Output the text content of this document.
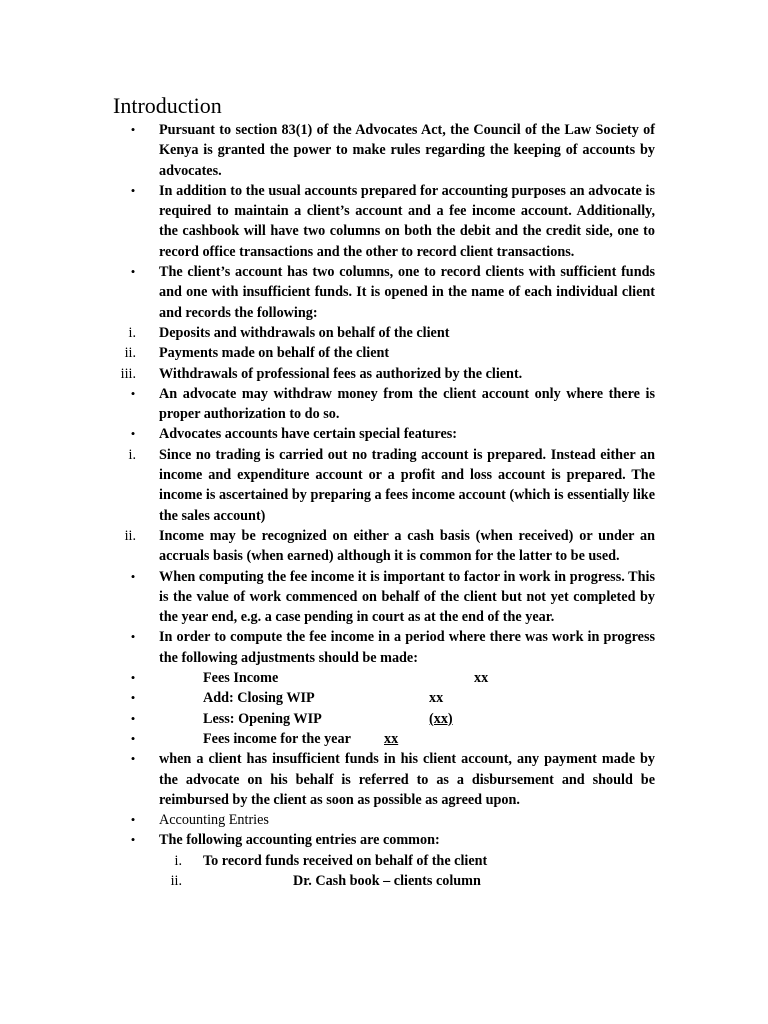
Introduction
•	Pursuant to section 83(1) of the Advocates Act, the Council of the Law Society of Kenya is granted the power to make rules regarding the keeping of accounts by advocates.
•	In addition to the usual accounts prepared for accounting purposes an advocate is required to maintain a client’s account and a fee income account. Additionally, the cashbook will have two columns on both the debit and the credit side, one to record office transactions and the other to record client transactions.
•	The client’s account has two columns, one to record clients with sufficient funds and one with insufficient funds. It is opened in the name of each individual client and records the following:
i. Deposits and withdrawals on behalf of the client
ii. Payments made on behalf of the client
iii. Withdrawals of professional fees as authorized by the client.
•	An advocate may withdraw money from the client account only where there is proper authorization to do so.
•	Advocates accounts have certain special features:
i. Since no trading is carried out no trading account is prepared. Instead either an income and expenditure account or a profit and loss account is prepared. The income is ascertained by preparing a fees income account (which is essentially like the sales account)
ii. Income may be recognized on either a cash basis (when received) or under an accruals basis (when earned) although it is common for the latter to be used.
•	When computing the fee income it is important to factor in work in progress. This is the value of work commenced on behalf of the client but not yet completed by the year end, e.g. a case pending in court as at the end of the year.
•	In order to compute the fee income in a period where there was work in progress the following adjustments should be made:
•	Fees Income	xx

•	Add: Closing WIP	xx

•	Less: Opening WIP	(xx)

•	Fees income for the year xx

•	when a client has insufficient funds in his client account, any payment made by the advocate on his behalf is referred to as a disbursement and should be reimbursed by the client as soon as possible as agreed upon.
•	Accounting Entries
•	The following accounting entries are common:
i. To record funds received on behalf of the client
ii.	Dr. Cash book – clients column
